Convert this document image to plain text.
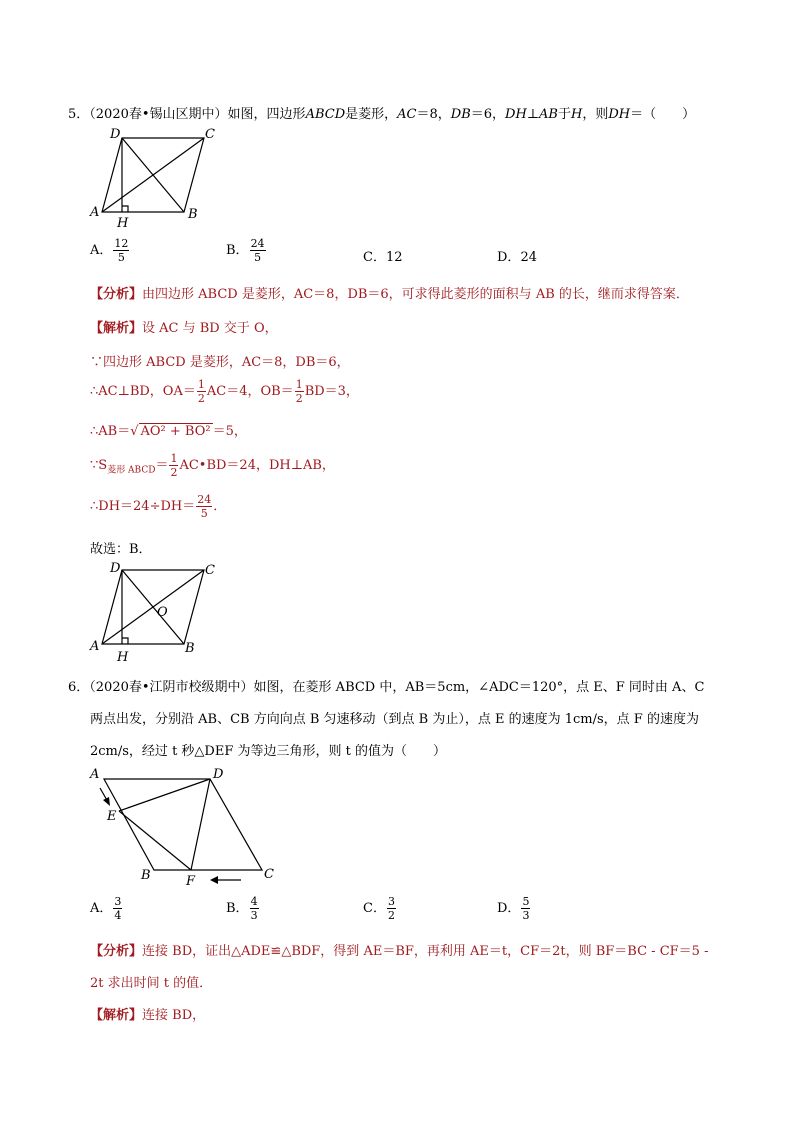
5．（2020春•锡山区期中）如图，四边形ABCD是菱形，AC＝8，DB＝6，DH⊥AB于H，则DH＝（　　）
A	B
C
D
H
A． $\frac{12}{5}$	B． $\frac{24}{5}$	C．12	D．24
【分析】由四边形 ABCD 是菱形，AC＝8，DB＝6，可求得此菱形的面积与 AB 的长，继而求得答案．
【解析】设 AC 与 BD 交于 O，
∵四边形 ABCD 是菱形，AC＝8，DB＝6，
∴AC⊥BD，$OA= \frac{1}{2} AC=4$，$OB= \frac{1}{2} BD=3$，
∴AB＝√ AO² + BO² ＝5，
$\because S_{菱形 ABCD}= \frac{1}{2}$ AC•BD＝24，DH⊥AB，
∴DH＝24÷DH＝ $\frac{24}{5}$ ．
故选：B．
A	B
C
D
H
O
6．（2020春•江阴市校级期中）如图，在菱形 ABCD 中，AB＝5cm，∠ADC＝120°，点 E、F 同时由 A、C
两点出发，分别沿 AB、CB 方向向点 B 匀速移动（到点 B 为止），点 E 的速度为 1cm/s，点 F 的速度为
2cm/s，经过 t 秒△DEF 为等边三角形，则 t 的值为（　　）
A	D
E
B	F	C
A． $\frac{3}{4}$	B． $\frac{4}{3}$	C． $\frac{3}{2}$	D． $\frac{5}{3}$
【分析】连接 BD，证出△ADE≌△BDF，得到 AE＝BF，再利用 AE＝t，CF＝2t，则 BF＝BC - CF＝5 -
2t 求出时间 t 的值．
【解析】连接 BD，
